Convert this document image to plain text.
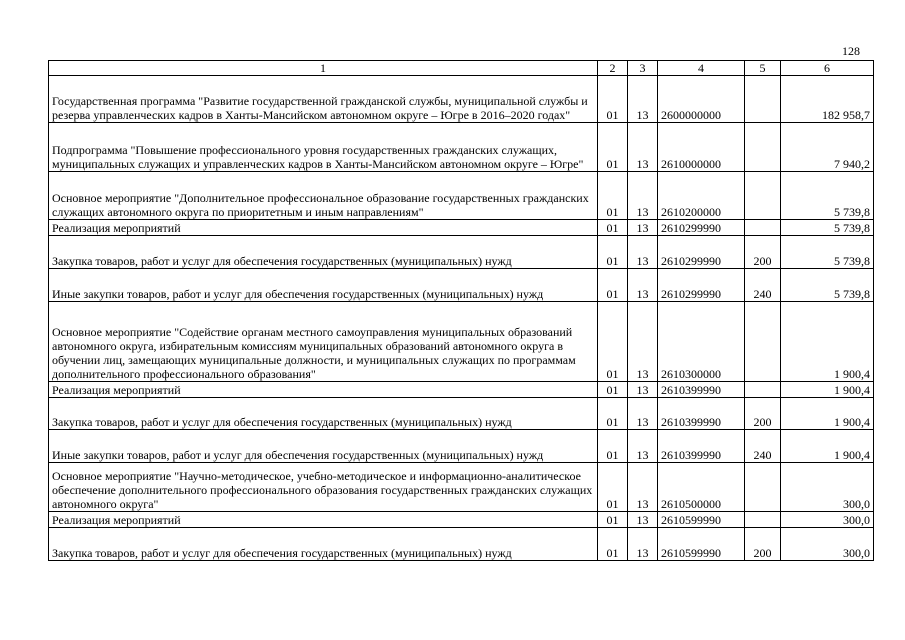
128
1	2	3	4	5	6
Государственная программа "Развитие государственной гражданской службы, муниципальной службы и резерва управленческих кадров в Ханты-Мансийском автономном округе – Югре в 2016–2020 годах"	01	13	2600000000		182 958,7
Подпрограмма "Повышение профессионального уровня государственных гражданских служащих, муниципальных служащих и управленческих кадров в Ханты-Мансийском автономном округе – Югре"	01	13	2610000000		7 940,2
Основное мероприятие "Дополнительное профессиональное образование государственных гражданских служащих автономного округа по приоритетным и иным направлениям"	01	13	2610200000		5 739,8
Реализация мероприятий	01	13	2610299990		5 739,8
Закупка товаров, работ и услуг для обеспечения государственных (муниципальных) нужд	01	13	2610299990	200	5 739,8
Иные закупки товаров, работ и услуг для обеспечения государственных (муниципальных) нужд	01	13	2610299990	240	5 739,8
Основное мероприятие "Содействие органам местного самоуправления муниципальных образований автономного округа, избирательным комиссиям муниципальных образований автономного округа в обучении лиц, замещающих муниципальные должности, и муниципальных служащих по программам дополнительного профессионального образования"	01	13	2610300000		1 900,4
Реализация мероприятий	01	13	2610399990		1 900,4
Закупка товаров, работ и услуг для обеспечения государственных (муниципальных) нужд	01	13	2610399990	200	1 900,4
Иные закупки товаров, работ и услуг для обеспечения государственных (муниципальных) нужд	01	13	2610399990	240	1 900,4
Основное мероприятие "Научно-методическое, учебно-методическое и информационно-аналитическое обеспечение дополнительного профессионального образования государственных гражданских служащих автономного округа"	01	13	2610500000		300,0
Реализация мероприятий	01	13	2610599990		300,0
Закупка товаров, работ и услуг для обеспечения государственных (муниципальных) нужд	01	13	2610599990	200	300,0
